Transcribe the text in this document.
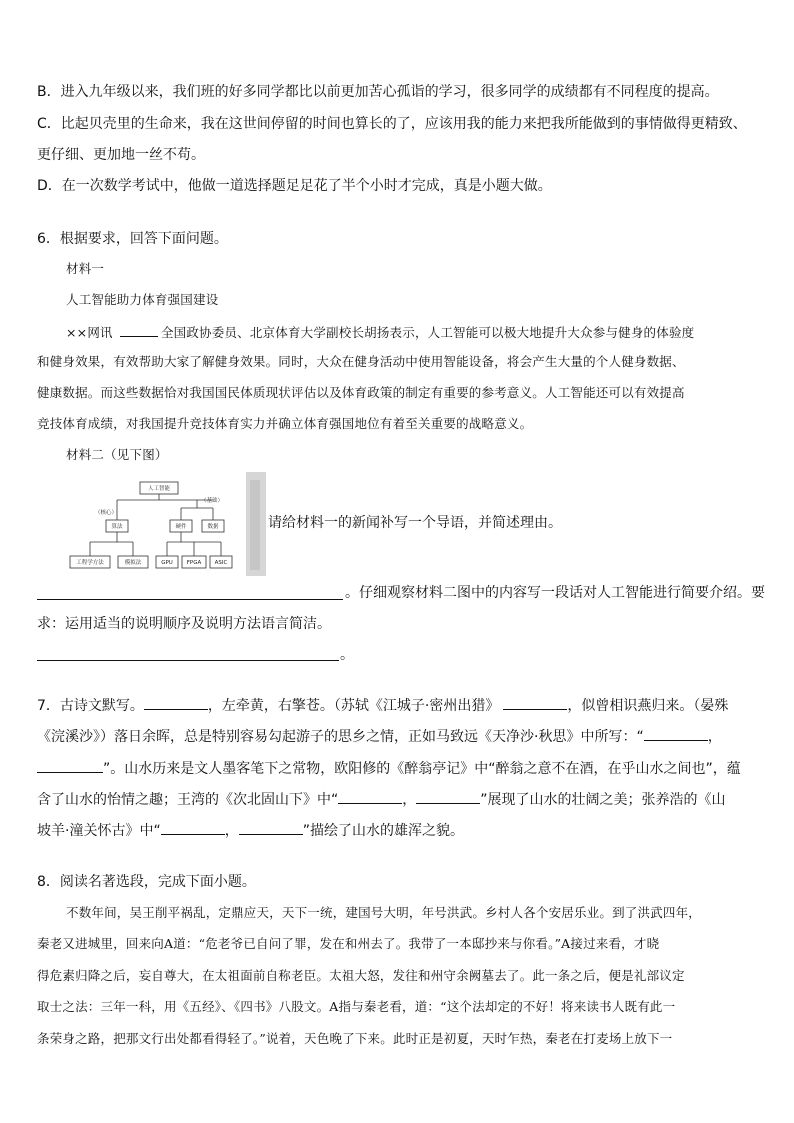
B．进入九年级以来，我们班的好多同学都比以前更加苦心孤诣的学习，很多同学的成绩都有不同程度的提高。
C．比起贝壳里的生命来，我在这世间停留的时间也算长的了，应该用我的能力来把我所能做到的事情做得更精致、
更仔细、更加地一丝不苟。
D．在一次数学考试中，他做一道选择题足足花了半个小时才完成，真是小题大做。
6．根据要求，回答下面问题。
材料一
人工智能助力体育强国建设
××网讯	全国政协委员、北京体育大学副校长胡扬表示，人工智能可以极大地提升大众参与健身的体验度
和健身效果，有效帮助大家了解健身效果。同时，大众在健身活动中使用智能设备，将会产生大量的个人健身数据、
健康数据。而这些数据恰对我国国民体质现状评估以及体育政策的制定有重要的参考意义。人工智能还可以有效提高
竞技体育成绩，对我国提升竞技体育实力并确立体育强国地位有着至关重要的战略意义。
材料二（见下图）
人工智能
（核心）
（基础）
算法	硬件	数据
工程学方法	模拟法	GPU	FPGA ASIC
请给材料一的新闻补写一个导语，并简述理由。
。仔细观察材料二图中的内容写一段话对人工智能进行简要介绍。要
求：运用适当的说明顺序及说明方法语言简洁。
。
7．古诗文默写。	，左牵黄，右擎苍。（苏轼《江城子·密州出猎》	，似曾相识燕归来。（晏殊
《浣溪沙》）落日余晖，总是特别容易勾起游子的思乡之情，正如马致远《天净沙·秋思》中所写：“	，
”。山水历来是文人墨客笔下之常物，欧阳修的《醉翁亭记》中“醉翁之意不在酒，在乎山水之间也”，蕴
含了山水的怡情之趣；王湾的《次北固山下》中“	，	”展现了山水的壮阔之美；张养浩的《山
坡羊·潼关怀古》中“	，	”描绘了山水的雄浑之貌。
8．阅读名著选段，完成下面小题。
不数年间，吴王削平祸乱，定鼎应天，天下一统，建国号大明，年号洪武。乡村人各个安居乐业。到了洪武四年，
秦老又进城里，回来向A道：“危老爷已自问了罪，发在和州去了。我带了一本邸抄来与你看。”A接过来看，才晓
得危素归降之后，妄自尊大，在太祖面前自称老臣。太祖大怒，发往和州守余阙墓去了。此一条之后，便是礼部议定
取士之法：三年一科，用《五经》、《四书》八股文。A指与秦老看，道：“这个法却定的不好！将来读书人既有此一
条荣身之路，把那文行出处都看得轻了。”说着，天色晚了下来。此时正是初夏，天时乍热，秦老在打麦场上放下一
